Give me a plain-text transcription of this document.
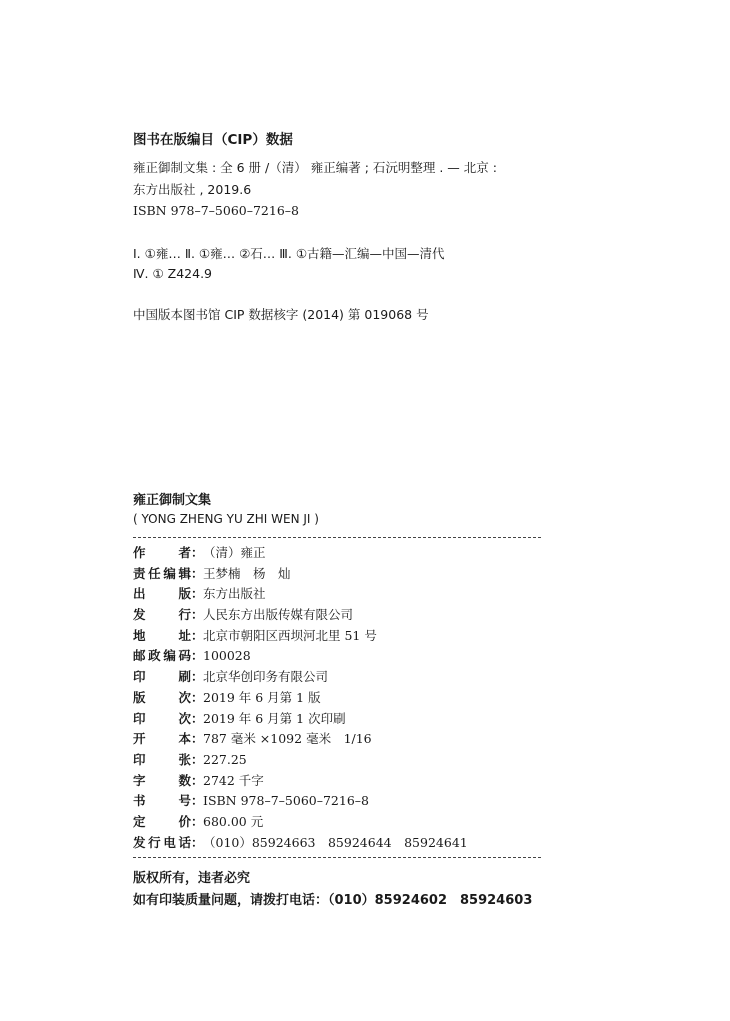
图书在版编目（CIP）数据
雍正御制文集 : 全 6 册 /（清） 雍正编著 ; 石沅明整理 . — 北京 :
东方出版社 , 2019.6
ISBN 978–7–5060–7216–8
Ⅰ. ①雍… Ⅱ. ①雍… ②石… Ⅲ. ①古籍—汇编—中国—清代
Ⅳ. ① Z424.9
中国版本图书馆 CIP 数据核字 (2014) 第 019068 号
雍正御制文集
( YONG ZHENG YU ZHI WEN JI )
作者 ： （清）雍正
责任编辑 ： 王梦楠　杨　灿
出版 ： 东方出版社
发行 ： 人民东方出版传媒有限公司
地址 ： 北京市朝阳区西坝河北里 51 号
邮政编码 ： 100028
印刷 ： 北京华创印务有限公司
版次 ： 2019 年 6 月第 1 版
印次 ： 2019 年 6 月第 1 次印刷
开本 ： 787 毫米 ×1092 毫米　1/16
印张 ： 227.25
字数 ： 2742 千字
书号 ： ISBN 978–7–5060–7216–8
定价 ： 680.00 元
发行电话 ： （010）85924663　85924644　85924641
版权所有，违者必究
如有印装质量问题，请拨打电话：（010）85924602　85924603
